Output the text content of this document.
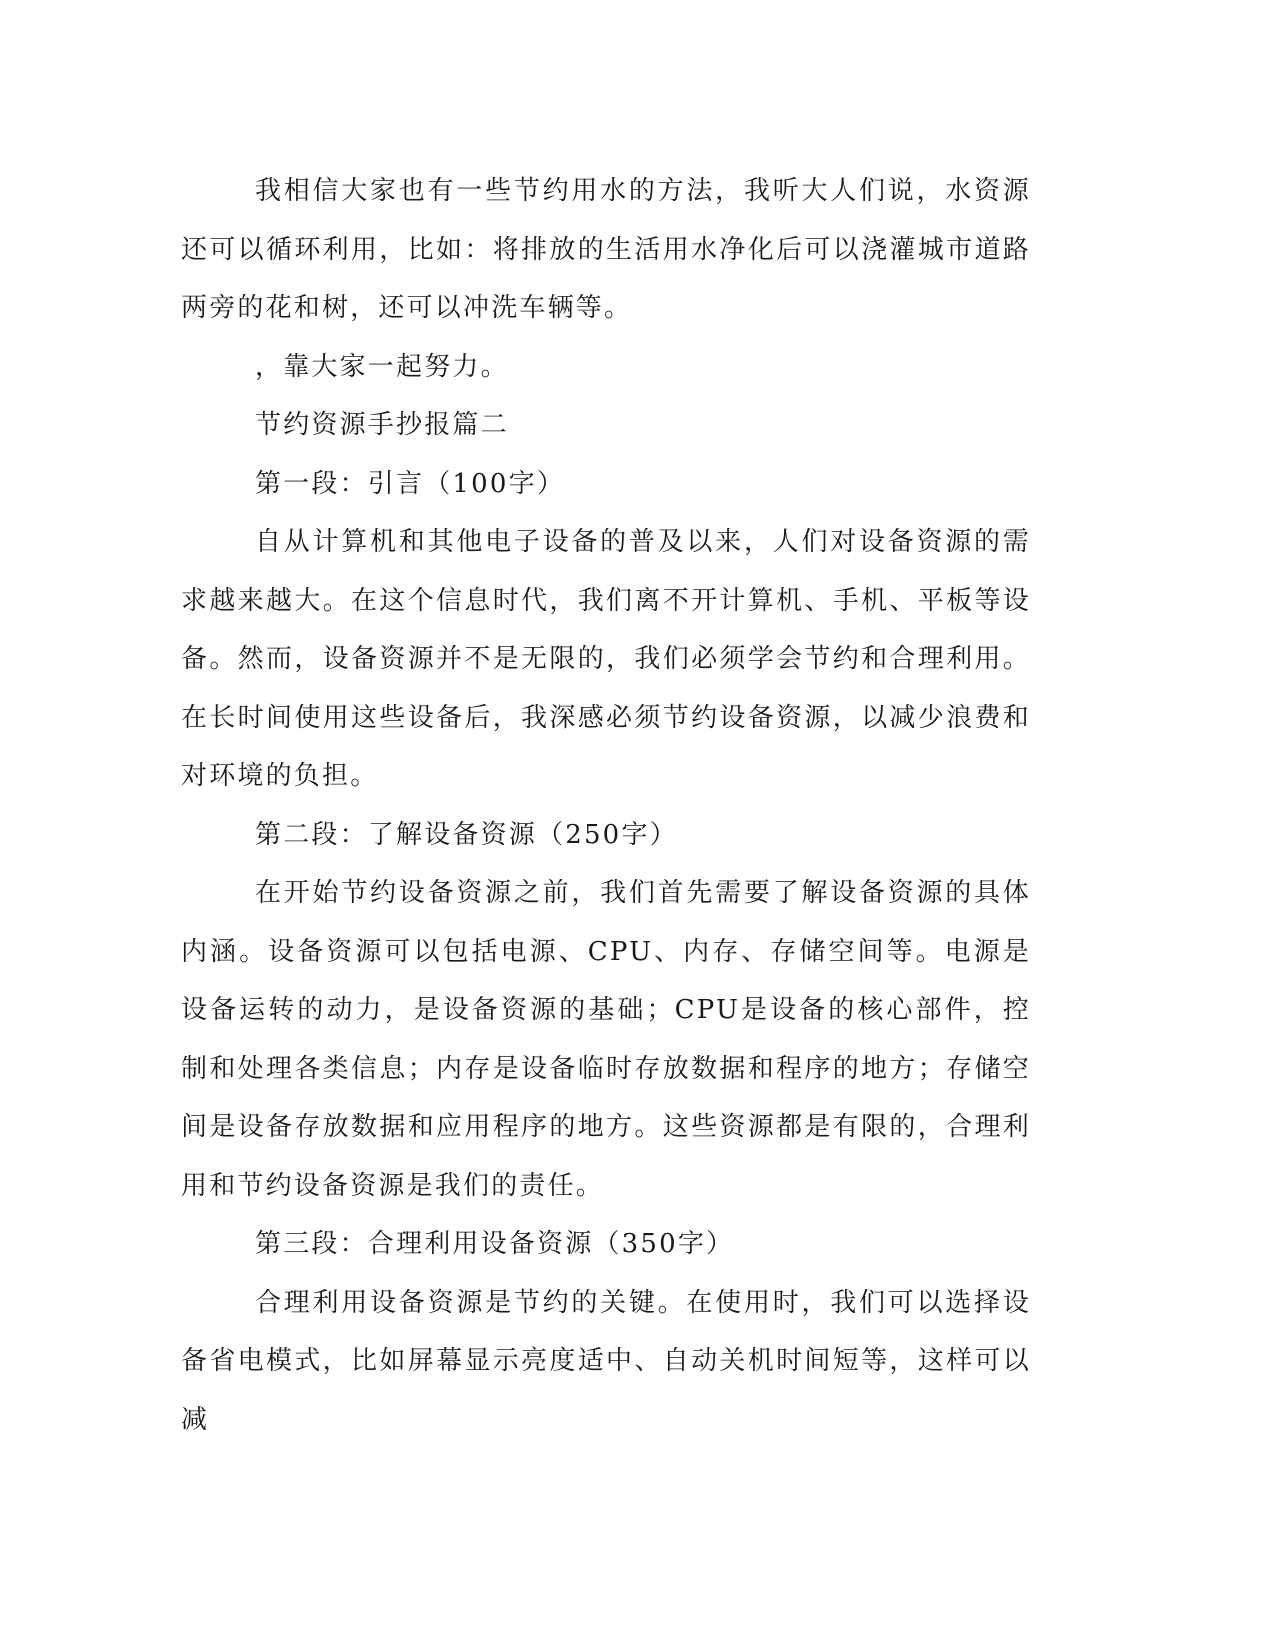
我相信大家也有一些节约用水的方法，我听大人们说，水资源还可以循环利用，比如：将排放的生活用水净化后可以浇灌城市道路两旁的花和树，还可以冲洗车辆等。

，靠大家一起努力。

节约资源手抄报篇二

第一段：引言（100字）

自从计算机和其他电子设备的普及以来，人们对设备资源的需求越来越大。在这个信息时代，我们离不开计算机、手机、平板等设备。然而，设备资源并不是无限的，我们必须学会节约和合理利用。在长时间使用这些设备后，我深感必须节约设备资源，以减少浪费和对环境的负担。

第二段：了解设备资源（250字）

在开始节约设备资源之前，我们首先需要了解设备资源的具体内涵。设备资源可以包括电源、CPU、内存、存储空间等。电源是设备运转的动力，是设备资源的基础；CPU是设备的核心部件，控制和处理各类信息；内存是设备临时存放数据和程序的地方；存储空间是设备存放数据和应用程序的地方。这些资源都是有限的，合理利用和节约设备资源是我们的责任。

第三段：合理利用设备资源（350字）

合理利用设备资源是节约的关键。在使用时，我们可以选择设备省电模式，比如屏幕显示亮度适中、自动关机时间短等，这样可以减
